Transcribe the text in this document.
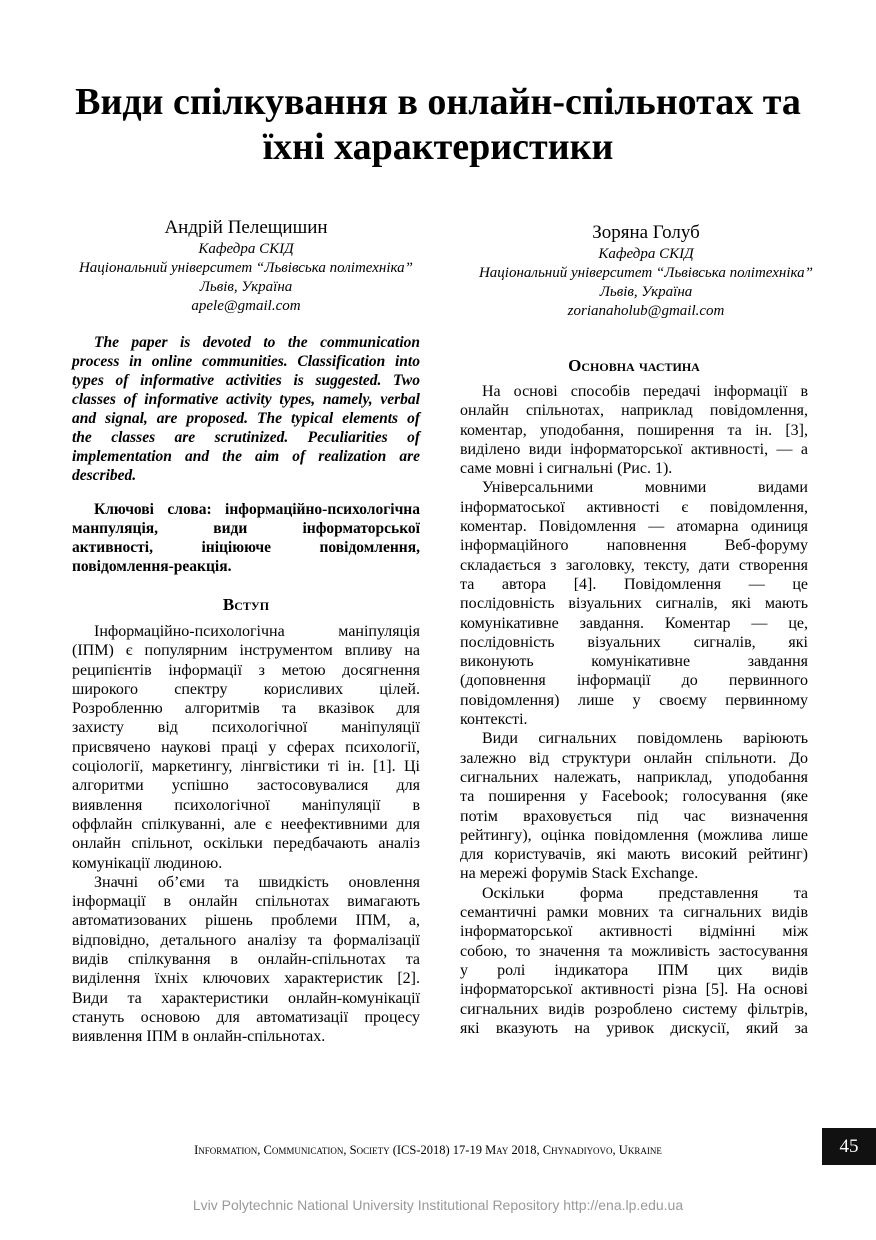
Види спілкування в онлайн-спільнотах та
їхні характеристики
Андрій Пелещишин
Кафедра СКІД
Національний університет “Львівська політехніка”
Львів, Україна
apele@gmail.com
Зоряна Голуб
Кафедра СКІД
Національний університет “Львівська політехніка”
Львів, Україна
zorianaholub@gmail.com
The paper is devoted to the communication
process in online communities. Classification into
types of informative activities is suggested. Two
classes of informative activity types, namely, verbal
and signal, are proposed. The typical elements of
the classes are scrutinized. Peculiarities of
implementation and the aim of realization are
described.
Ключові слова: інформаційно-психологічна
манпуляція, види інформаторської
активності, ініціююче повідомлення,
повідомлення-реакція.
Вступ
Інформаційно-психологічна маніпуляція
(ІПМ) є популярним інструментом впливу на
реципієнтів інформації з метою досягнення
широкого спектру корисливих цілей.
Розробленню алгоритмів та вказівок для
захисту від психологічної маніпуляції
присвячено наукові праці у сферах психології,
соціології, маркетингу, лінгвістики ті ін. [1]. Ці
алгоритми успішно застосовувалися для
виявлення психологічної маніпуляції в
оффлайн спілкуванні, але є неефективними для
онлайн спільнот, оскільки передбачають аналіз
комунікації людиною.
Значні об’єми та швидкість оновлення
інформації в онлайн спільнотах вимагають
автоматизованих рішень проблеми ІПМ, а,
відповідно, детального аналізу та формалізації
видів спілкування в онлайн-спільнотах та
виділення їхніх ключових характеристик [2].
Види та характеристики онлайн-комунікації
стануть основою для автоматизації процесу
виявлення ІПМ в онлайн-спільнотах.
Основна частина
На основі способів передачі інформації в
онлайн спільнотах, наприклад повідомлення,
коментар, уподобання, поширення та ін. [3],
виділено види інформаторської активності, — а
саме мовні і сигнальні (Рис. 1).
Універсальними мовними видами
інформатоської активності є повідомлення,
коментар. Повідомлення — атомарна одиниця
інформаційного наповнення Веб-форуму
складається з заголовку, тексту, дати створення
та автора [4]. Повідомлення — це
послідовність візуальних сигналів, які мають
комунікативне завдання. Коментар — це,
послідовність візуальних сигналів, які
виконують комунікативне завдання
(доповнення інформації до первинного
повідомлення) лише у своєму первинному
контексті.
Види сигнальних повідомлень варіюють
залежно від структури онлайн спільноти. До
сигнальних належать, наприклад, уподобання
та поширення у Facebook; голосування (яке
потім враховується під час визначення
рейтингу), оцінка повідомлення (можлива лише
для користувачів, які мають високий рейтинг)
на мережі форумів Stack Exchange.
Оскільки форма представлення та
семантичні рамки мовних та сигнальних видів
інформаторської активності відмінні між
собою, то значення та можливість застосування
у ролі індикатора ІПМ цих видів
інформаторської активності різна [5]. На основі
сигнальних видів розроблено систему фільтрів,
які вказують на уривок дискусії, який за
Information, Communication, Society (ICS-2018) 17-19 May 2018, Chynadiyovo, Ukraine	45
Lviv Polytechnic National University Institutional Repository http://ena.lp.edu.ua
